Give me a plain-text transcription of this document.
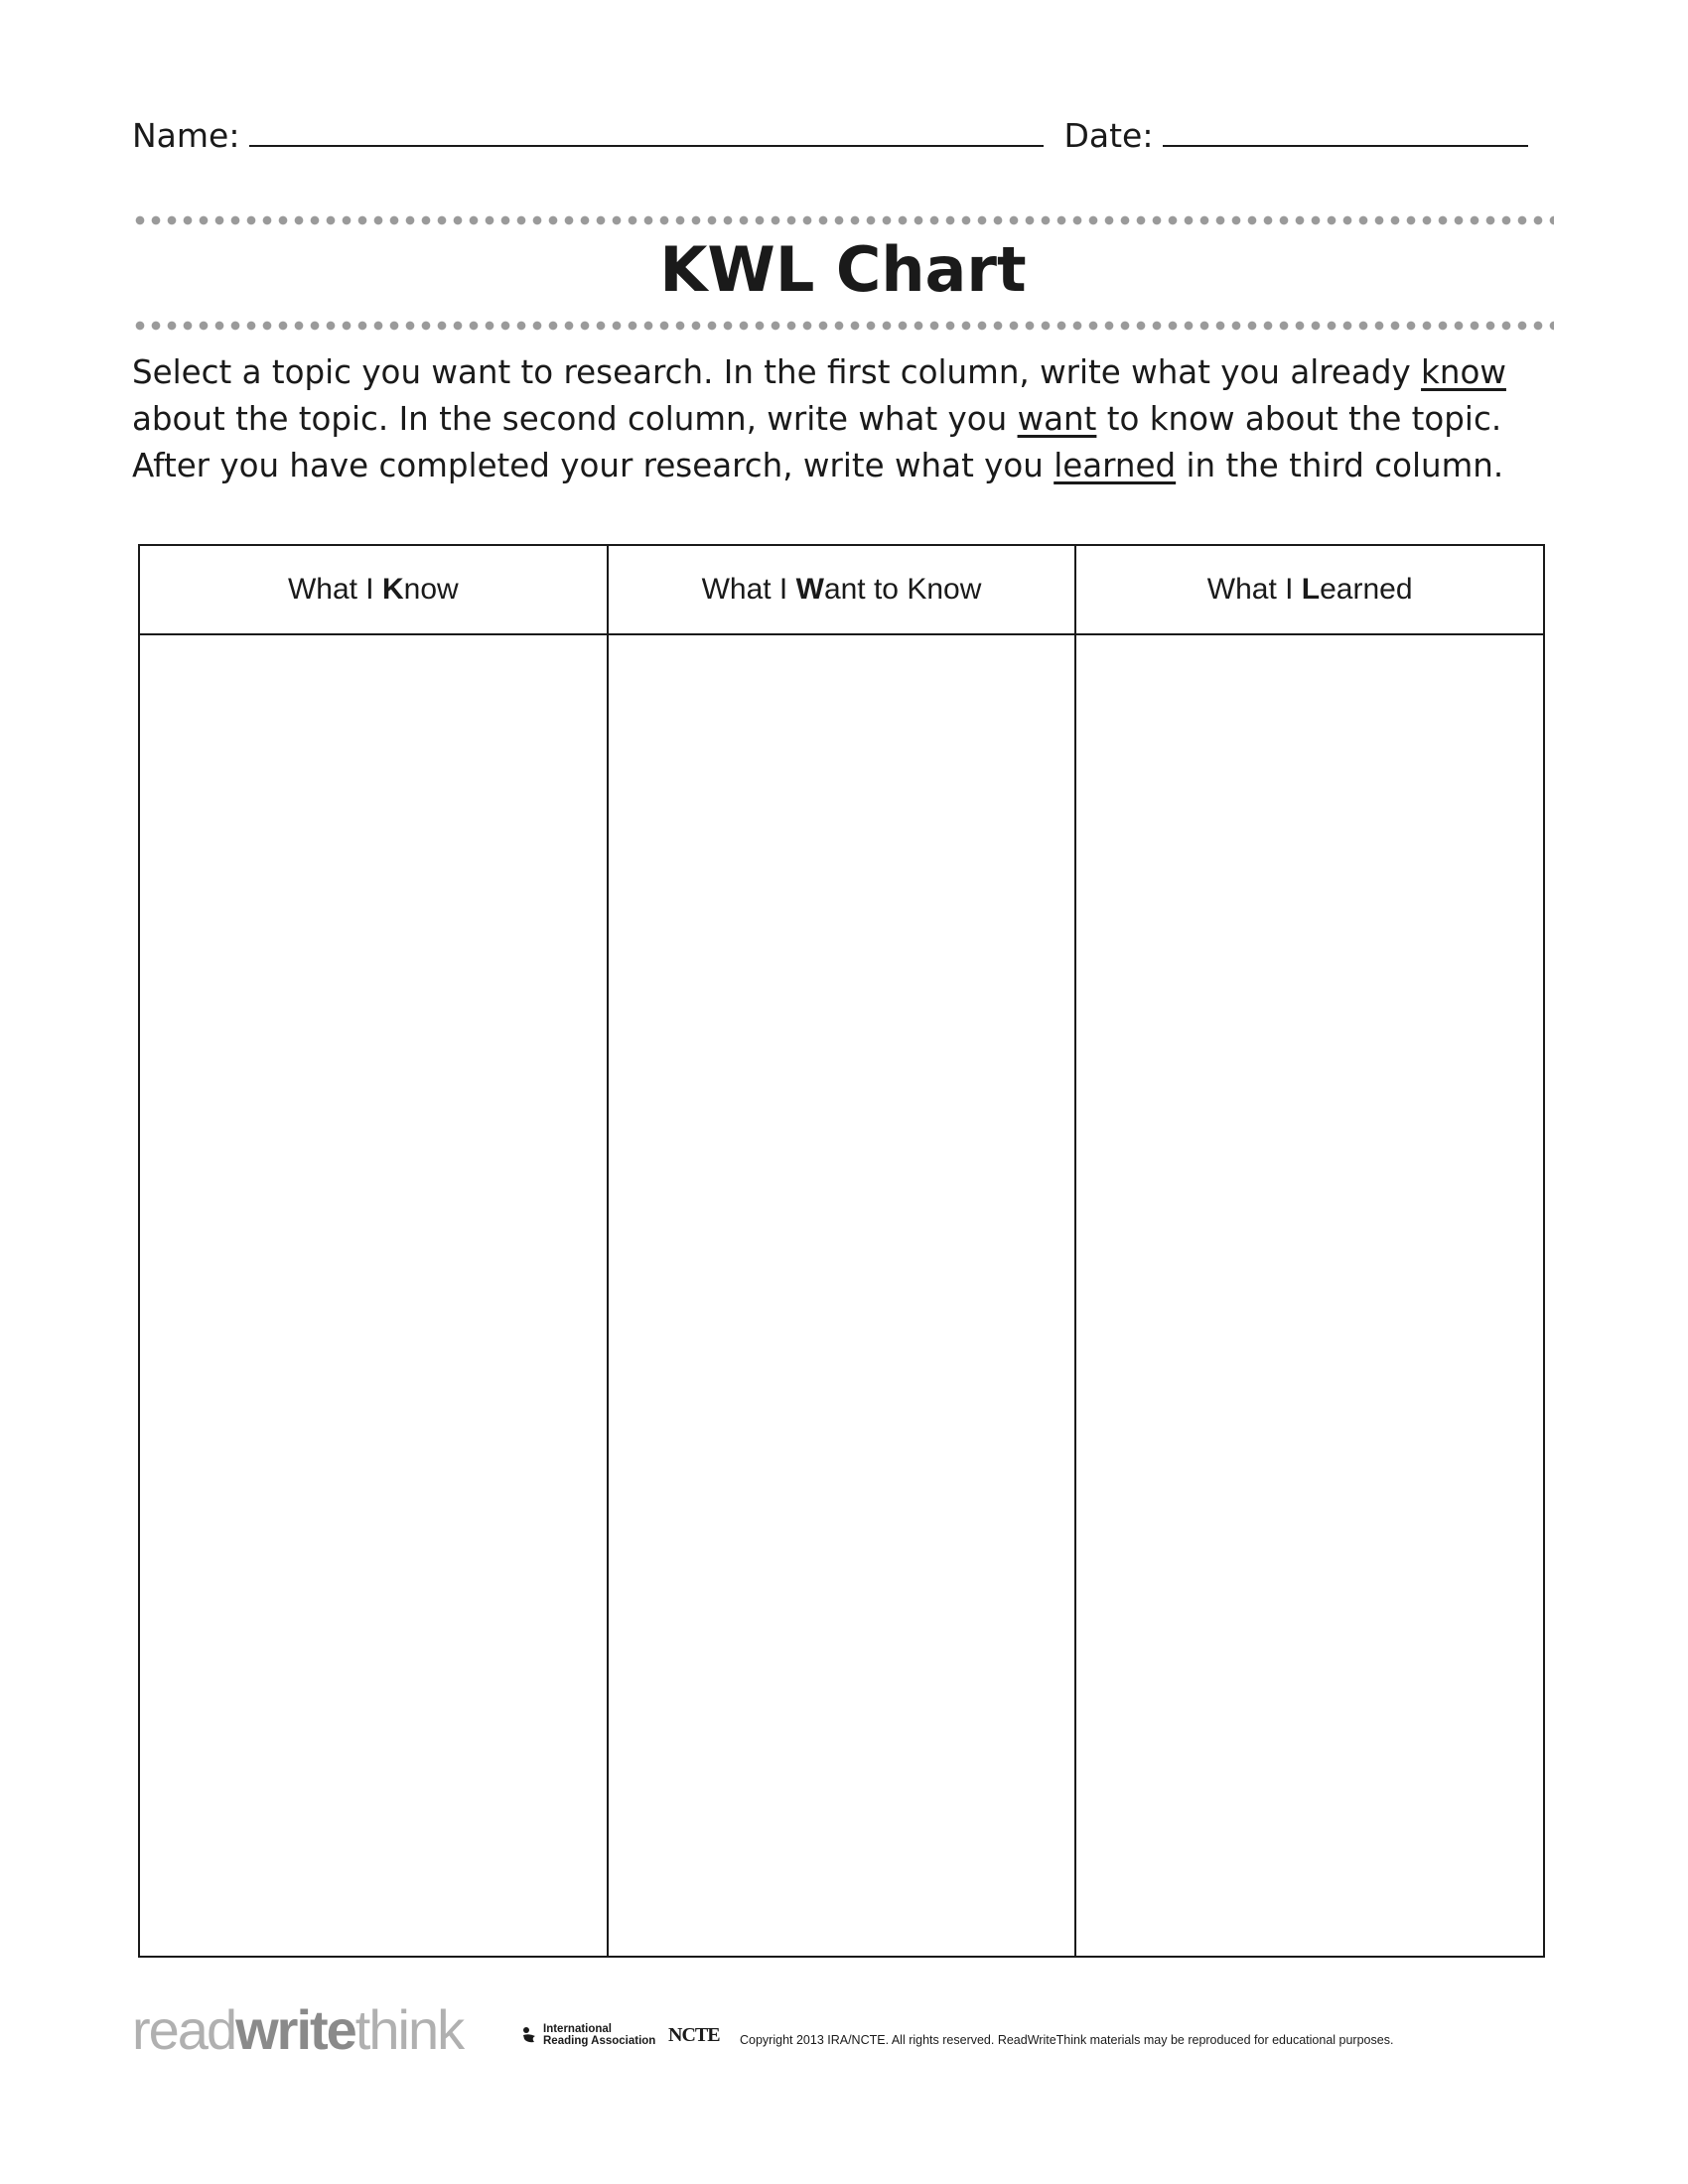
Name:	Date:
KWL Chart

Select a topic you want to research. In the first column, write what you already know
about the topic. In the second column, write what you want to know about the topic.
After you have completed your research, write what you learned in the third column.

What I Know	What I Want to Know	What I Learned

readwritethink	International
Reading Association NCTE Copyright 2013 IRA/NCTE. All rights reserved. ReadWriteThink materials may be reproduced for educational purposes.
